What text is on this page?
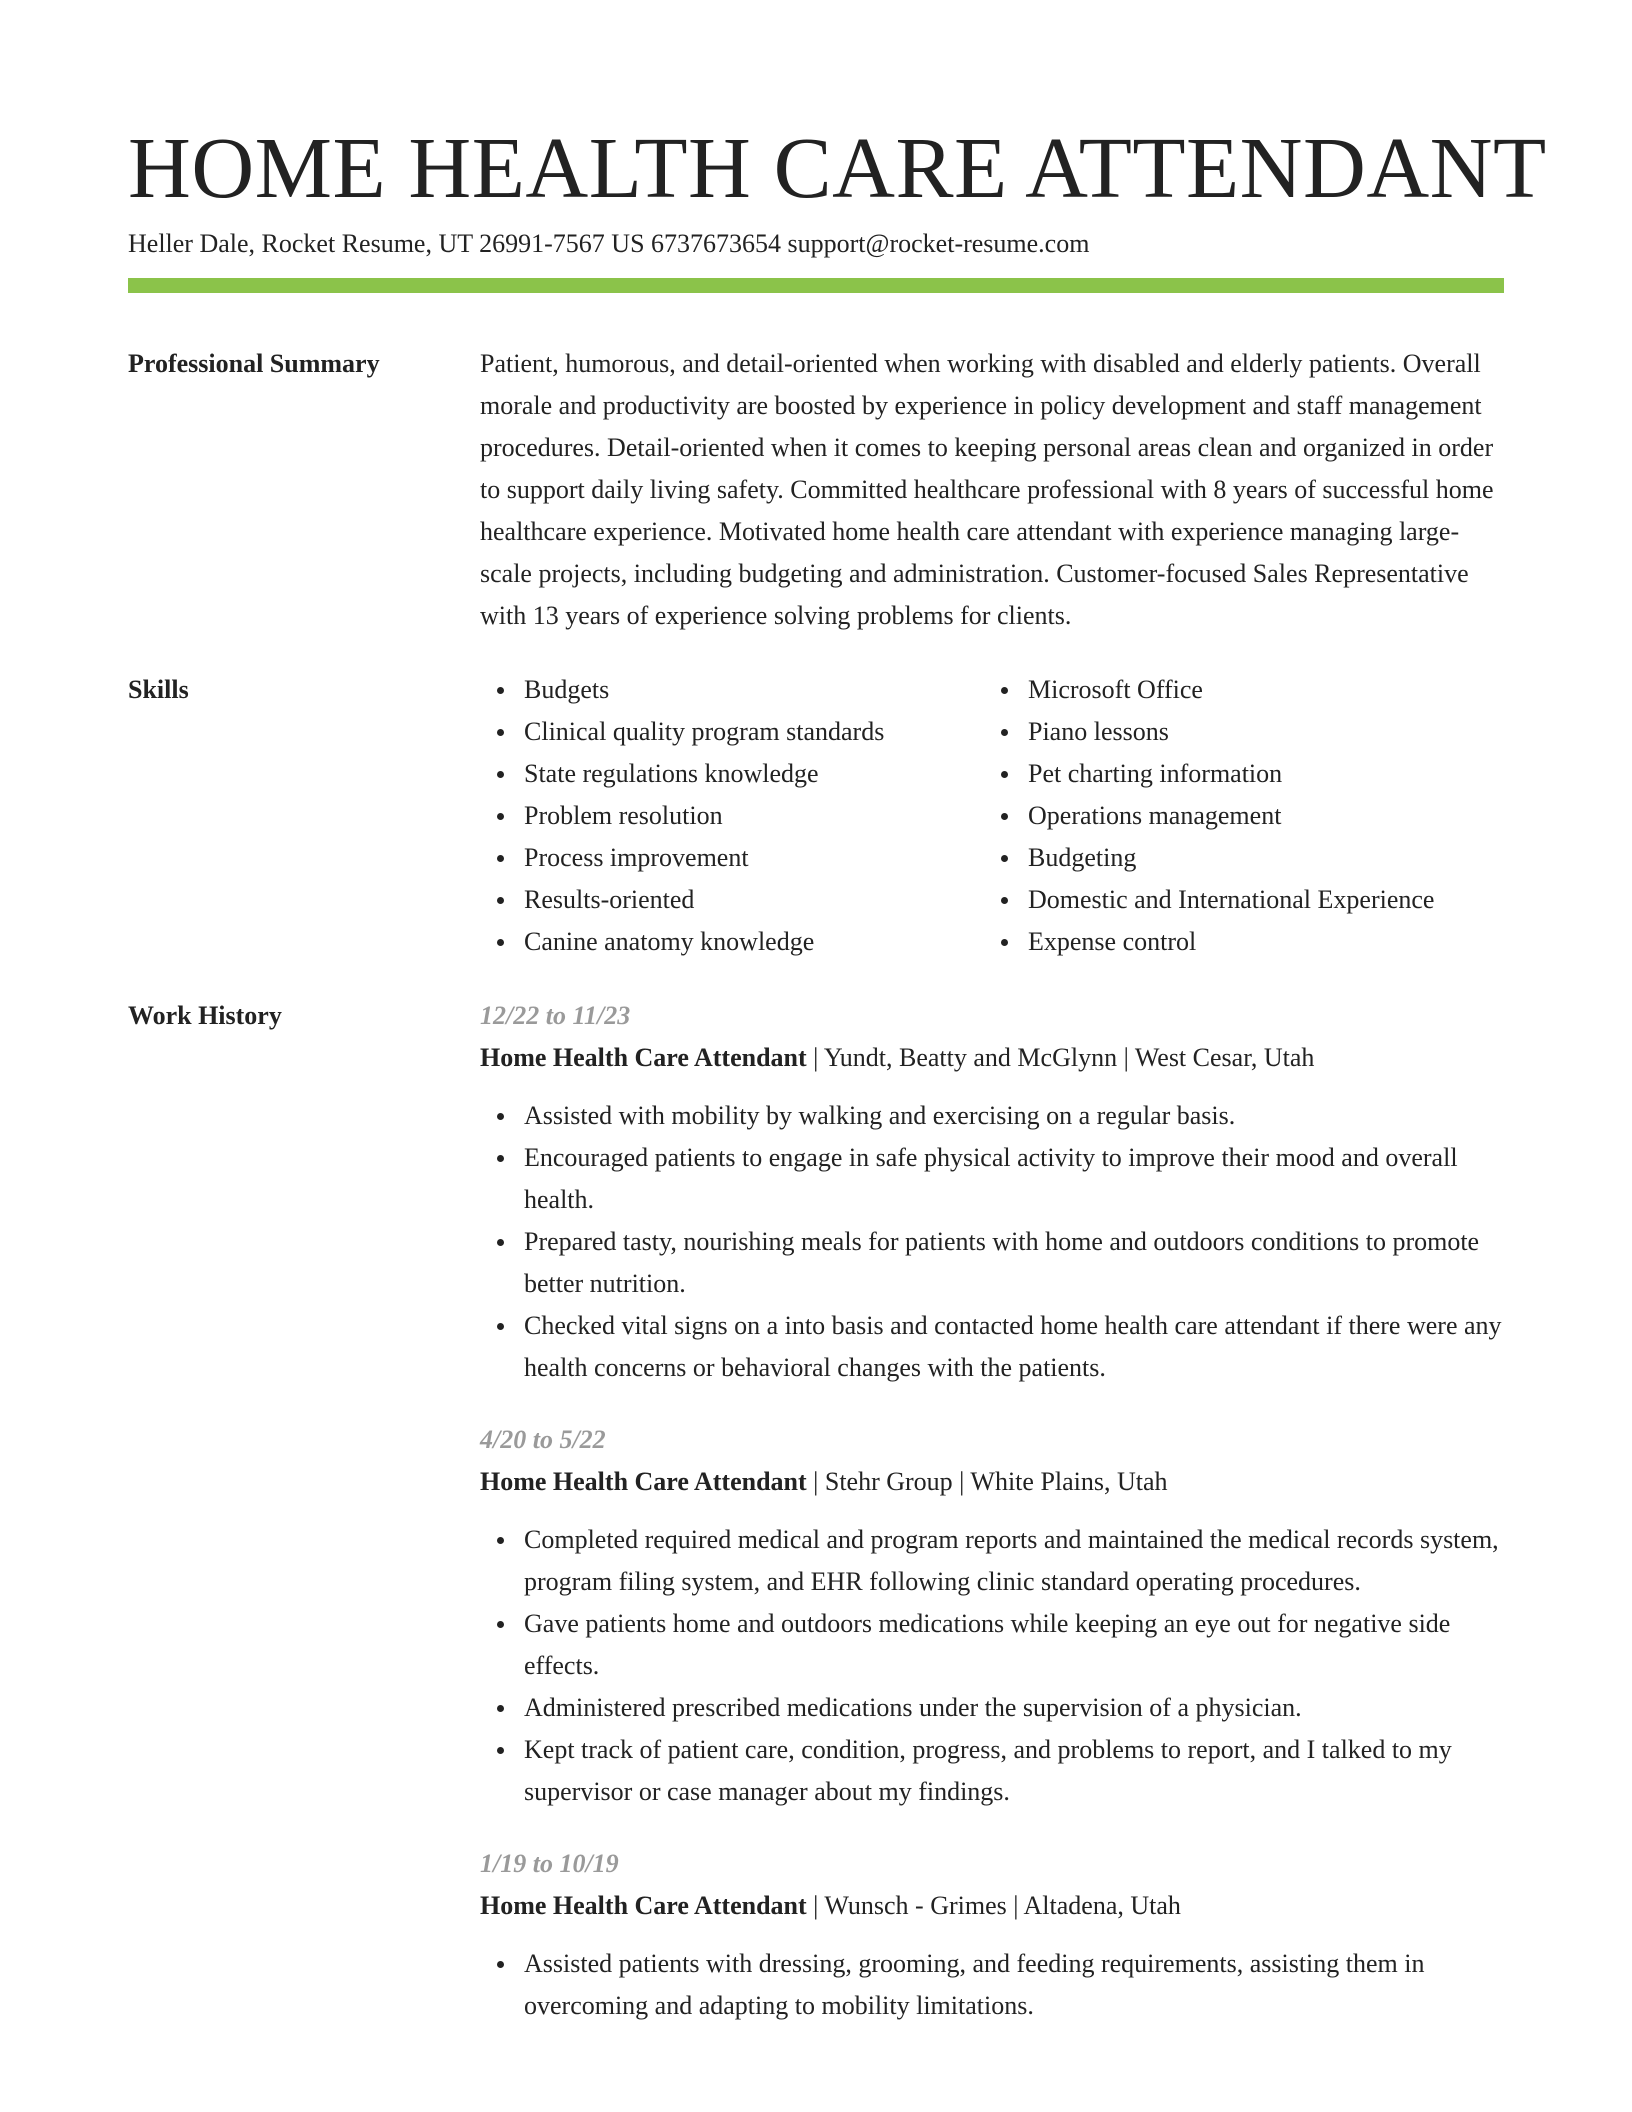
HOME HEALTH CARE ATTENDANT
Heller Dale, Rocket Resume, UT 26991-7567 US 6737673654 support@rocket-resume.com
Professional Summary	Patient, humorous, and detail-oriented when working with disabled and elderly patients. Overall morale and productivity are boosted by experience in policy development and staff management procedures. Detail-oriented when it comes to keeping personal areas clean and organized in order to support daily living safety. Committed healthcare professional with 8 years of successful home healthcare experience. Motivated home health care attendant with experience managing large-scale projects, including budgeting and administration. Customer-focused Sales Representative with 13 years of experience solving problems for clients.
Skills	Budgets
Clinical quality program standards
State regulations knowledge
Problem resolution
Process improvement
Results-oriented
Canine anatomy knowledge
Microsoft Office
Piano lessons
Pet charting information
Operations management
Budgeting
Domestic and International Experience
Expense control
Work History	12/22 to 11/23
Home Health Care Attendant | Yundt, Beatty and McGlynn | West Cesar, Utah
Assisted with mobility by walking and exercising on a regular basis.
Encouraged patients to engage in safe physical activity to improve their mood and overall health.
Prepared tasty, nourishing meals for patients with home and outdoors conditions to promote better nutrition.
Checked vital signs on a into basis and contacted home health care attendant if there were any health concerns or behavioral changes with the patients.
4/20 to 5/22
Home Health Care Attendant | Stehr Group | White Plains, Utah
Completed required medical and program reports and maintained the medical records system, program filing system, and EHR following clinic standard operating procedures.
Gave patients home and outdoors medications while keeping an eye out for negative side effects.
Administered prescribed medications under the supervision of a physician.
Kept track of patient care, condition, progress, and problems to report, and I talked to my supervisor or case manager about my findings.
1/19 to 10/19
Home Health Care Attendant | Wunsch - Grimes | Altadena, Utah
Assisted patients with dressing, grooming, and feeding requirements, assisting them in overcoming and adapting to mobility limitations.
